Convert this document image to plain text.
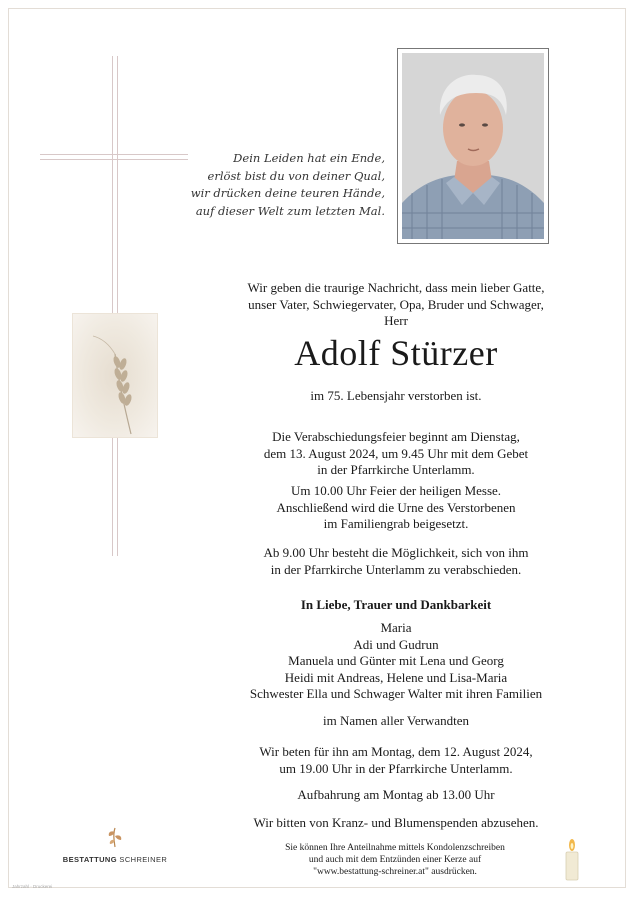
Dein Leiden hat ein Ende,
erlöst bist du von deiner Qual,
wir drücken deine teuren Hände,
auf dieser Welt zum letzten Mal.
Wir geben die traurige Nachricht, dass mein lieber Gatte,
unser Vater, Schwiegervater, Opa, Bruder und Schwager,
Herr
Adolf Stürzer
im 75. Lebensjahr verstorben ist.
Die Verabschiedungsfeier beginnt am Dienstag,
dem 13. August 2024, um 9.45 Uhr mit dem Gebet
in der Pfarrkirche Unterlamm.
Um 10.00 Uhr Feier der heiligen Messe.
Anschließend wird die Urne des Verstorbenen
im Familiengrab beigesetzt.
Ab 9.00 Uhr besteht die Möglichkeit, sich von ihm
in der Pfarrkirche Unterlamm zu verabschieden.
In Liebe, Trauer und Dankbarkeit
Maria
Adi und Gudrun
Manuela und Günter mit Lena und Georg
Heidi mit Andreas, Helene und Lisa-Maria
Schwester Ella und Schwager Walter mit ihren Familien
im Namen aller Verwandten
Wir beten für ihn am Montag, dem 12. August 2024,
um 19.00 Uhr in der Pfarrkirche Unterlamm.
Aufbahrung am Montag ab 13.00 Uhr
Wir bitten von Kranz- und Blumenspenden abzusehen.
Sie können Ihre Anteilnahme mittels Kondolenzschreiben
und auch mit dem Entzünden einer Kerze auf
"www.bestattung-schreiner.at" ausdrücken.
BESTATTUNG SCHREINER
Jahrzahl · Druckerei
